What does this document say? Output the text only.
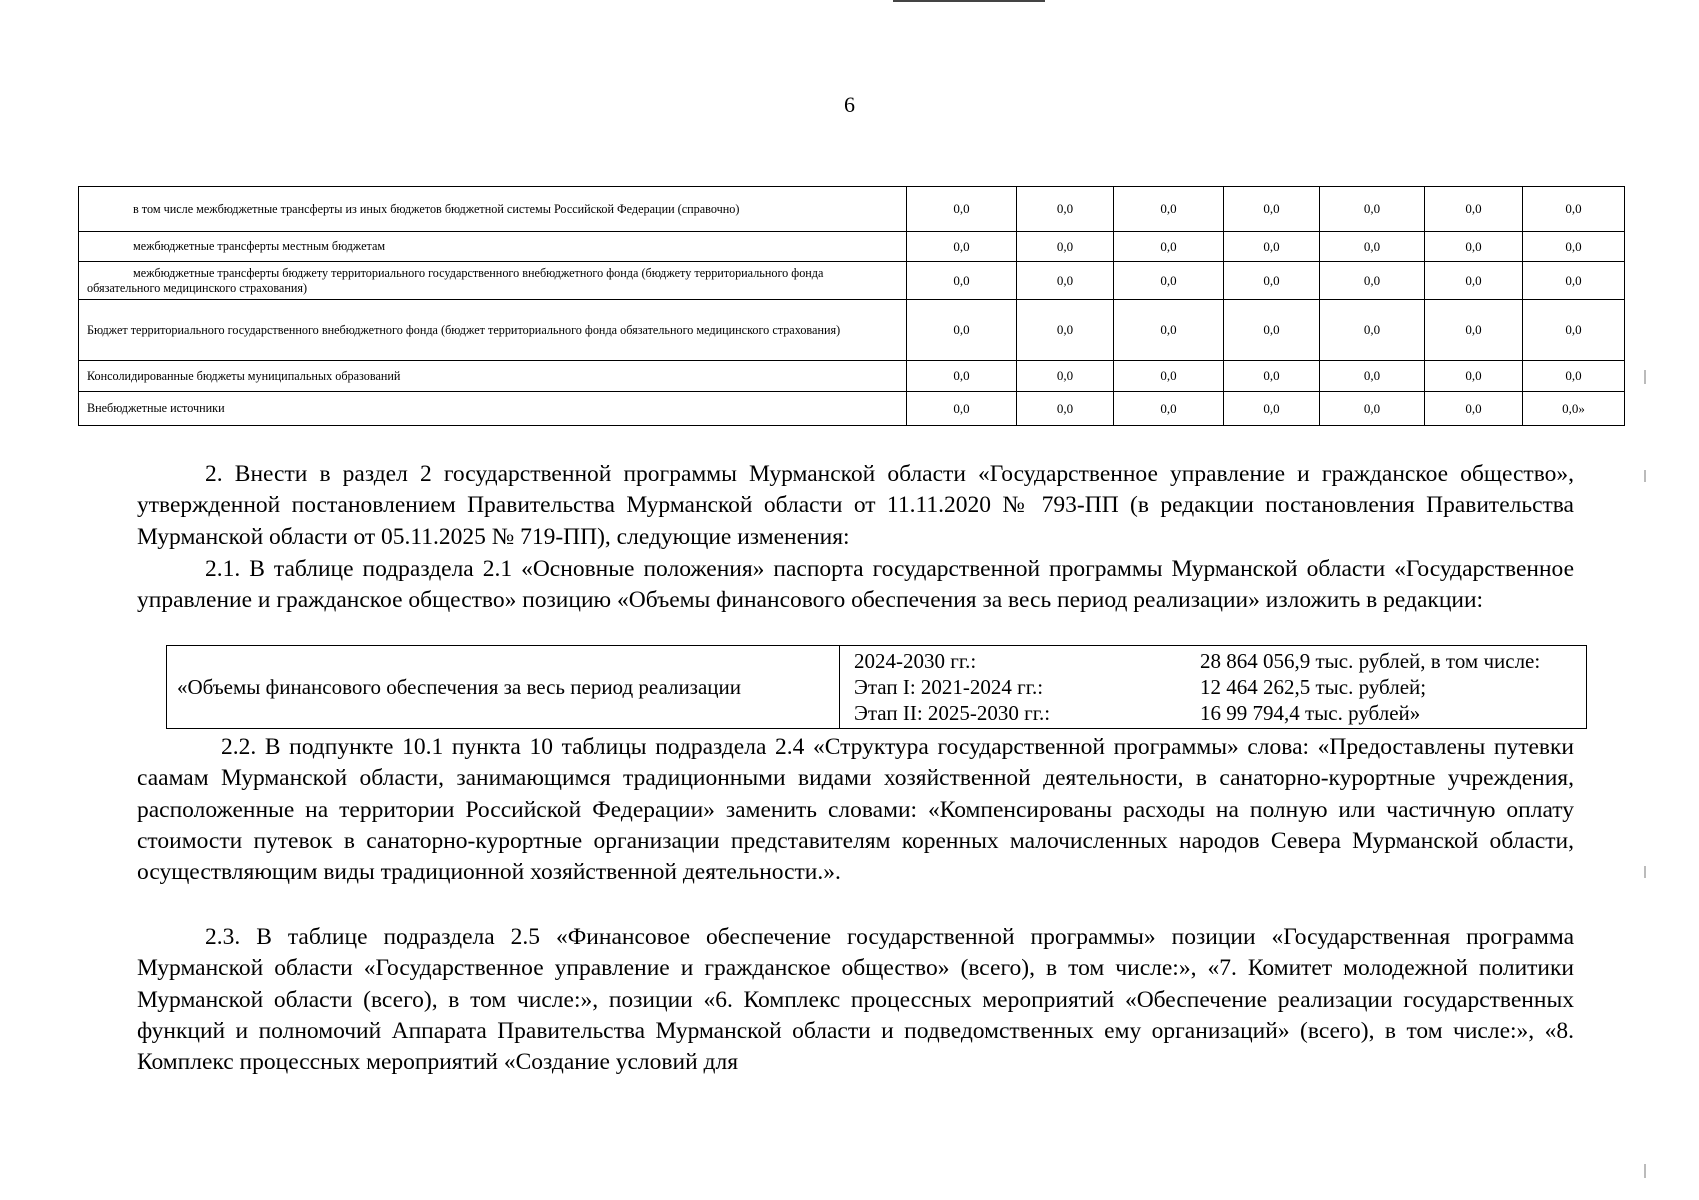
6
в том числе межбюджетные трансферты из иных бюджетов бюджетной системы Российской Федерации (справочно)	0,0	0,0	0,0	0,0	0,0	0,0	0,0
межбюджетные трансферты местным бюджетам	0,0	0,0	0,0	0,0	0,0	0,0	0,0
межбюджетные трансферты бюджету территориального государственного внебюджетного фонда (бюджету территориального фонда обязательного медицинского страхования)	0,0	0,0	0,0	0,0	0,0	0,0	0,0
Бюджет территориального государственного внебюджетного фонда (бюджет территориального фонда обязательного медицинского страхования)	0,0	0,0	0,0	0,0	0,0	0,0	0,0
Консолидированные бюджеты муниципальных образований	0,0	0,0	0,0	0,0	0,0	0,0	0,0
Внебюджетные источники	0,0	0,0	0,0	0,0	0,0	0,0	0,0»
2. Внести в раздел 2 государственной программы Мурманской области «Государственное управление и гражданское общество», утвержденной постановлением Правительства Мурманской области от 11.11.2020 № 793-ПП (в редакции постановления Правительства Мурманской области от 05.11.2025 № 719-ПП), следующие изменения:
2.1. В таблице подраздела 2.1 «Основные положения» паспорта государственной программы Мурманской области «Государственное управление и гражданское общество» позицию «Объемы финансового обеспечения за весь период реализации» изложить в редакции:
«Объемы финансового обеспечения за весь период реализации	
2024-2030 гг.:	28 864 056,9 тыс. рублей, в том числе:
Этап I: 2021-2024 гг.:	12 464 262,5 тыс. рублей;
Этап II: 2025-2030 гг.:	16 99 794,4 тыс. рублей»
2.2. В подпункте 10.1 пункта 10 таблицы подраздела 2.4 «Структура государственной программы» слова: «Предоставлены путевки саамам Мурманской области, занимающимся традиционными видами хозяйственной деятельности, в санаторно-курортные учреждения, расположенные на территории Российской Федерации» заменить словами: «Компенсированы расходы на полную или частичную оплату стоимости путевок в санаторно-курортные организации представителям коренных малочисленных народов Севера Мурманской области, осуществляющим виды традиционной хозяйственной деятельности.».
2.3. В таблице подраздела 2.5 «Финансовое обеспечение государственной программы» позиции «Государственная программа Мурманской области «Государственное управление и гражданское общество» (всего), в том числе:», «7. Комитет молодежной политики Мурманской области (всего), в том числе:», позиции «6. Комплекс процессных мероприятий «Обеспечение реализации государственных функций и полномочий Аппарата Правительства Мурманской области и подведомственных ему организаций» (всего), в том числе:», «8. Комплекс процессных мероприятий «Создание условий для
